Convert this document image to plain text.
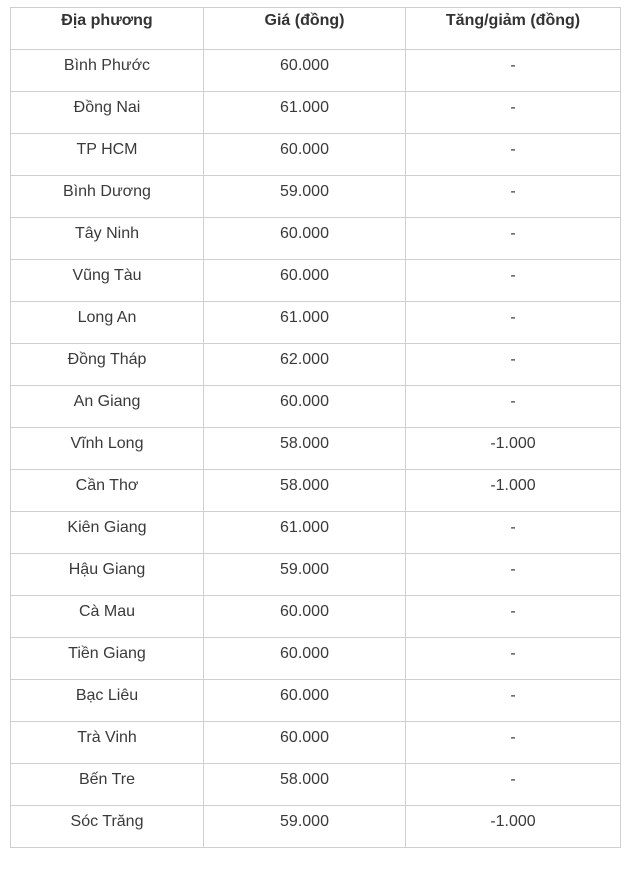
Địa phương	Giá (đồng)	Tăng/giảm (đồng)
Bình Phước	60.000	-
Đồng Nai	61.000	-
TP HCM	60.000	-
Bình Dương	59.000	-
Tây Ninh	60.000	-
Vũng Tàu	60.000	-
Long An	61.000	-
Đồng Tháp	62.000	-
An Giang	60.000	-
Vĩnh Long	58.000	-1.000
Cần Thơ	58.000	-1.000
Kiên Giang	61.000	-
Hậu Giang	59.000	-
Cà Mau	60.000	-
Tiền Giang	60.000	-
Bạc Liêu	60.000	-
Trà Vinh	60.000	-
Bến Tre	58.000	-
Sóc Trăng	59.000	-1.000
